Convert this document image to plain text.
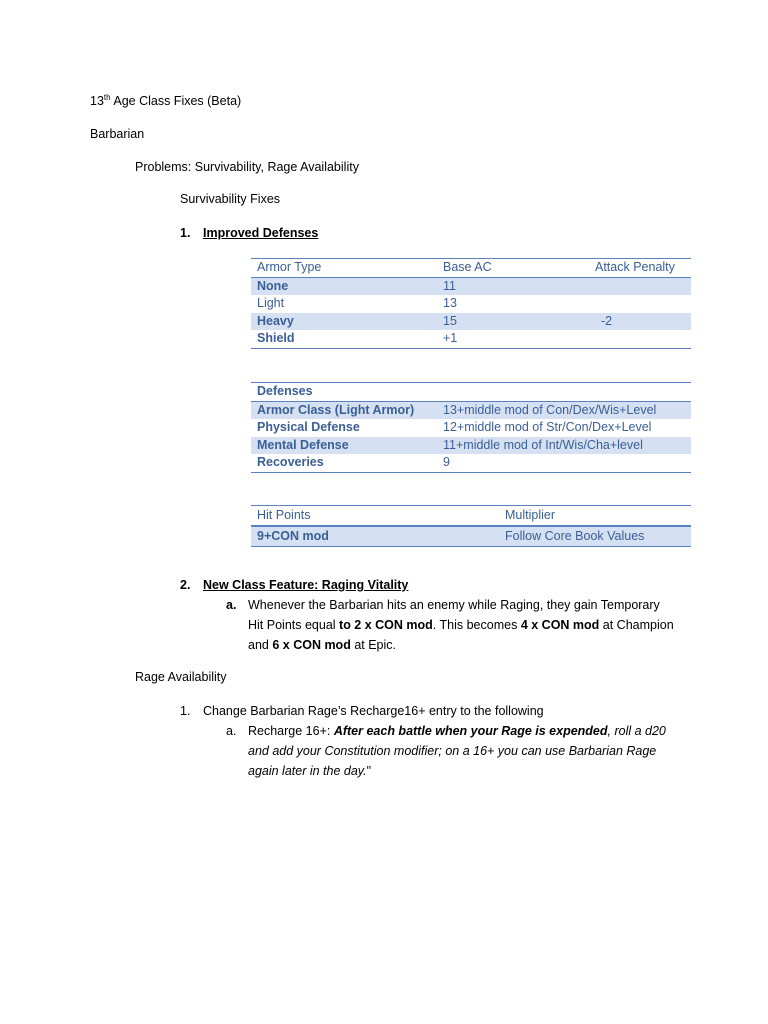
13th Age Class Fixes (Beta)
Barbarian
Problems: Survivability, Rage Availability
Survivability Fixes
1. Improved Defenses
Armor Type	Base AC	Attack Penalty
None	11	
Light	13	
Heavy	15	-2
Shield	+1	
Defenses	
Armor Class (Light Armor)	13+middle mod of Con/Dex/Wis+Level
Physical Defense	12+middle mod of Str/Con/Dex+Level
Mental Defense	11+middle mod of Int/Wis/Cha+level
Recoveries	9
Hit Points	Multiplier
9+CON mod	Follow Core Book Values
2. New Class Feature: Raging Vitality
a. Whenever the Barbarian hits an enemy while Raging, they gain Temporary
Hit Points equal to 2 x CON mod. This becomes 4 x CON mod at Champion
and 6 x CON mod at Epic.
Rage Availability
1. Change Barbarian Rage’s Recharge16+ entry to the following
a. Recharge 16+: After each battle when your Rage is expended, roll a d20
and add your Constitution modifier; on a 16+ you can use Barbarian Rage
again later in the day."
